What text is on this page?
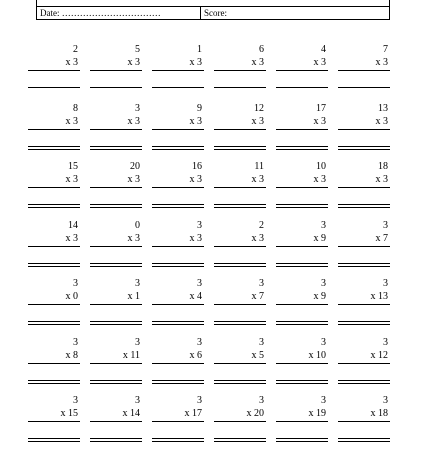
Date: ……………………………	Score:
2
x 3
5
x 3
1
x 3
6
x 3
4
x 3
7
x 3
8
x 3
3
x 3
9
x 3
12
x 3
17
x 3
13
x 3
15
x 3
20
x 3
16
x 3
11
x 3
10
x 3
18
x 3
14
x 3
0
x 3
3
x 3
2
x 3
3
x 9
3
x 7
3
x 0
3
x 1
3
x 4
3
x 7
3
x 9
3
x 13
3
x 8
3
x 11
3
x 6
3
x 5
3
x 10
3
x 12
3
x 15
3
x 14
3
x 17
3
x 20
3
x 19
3
x 18
